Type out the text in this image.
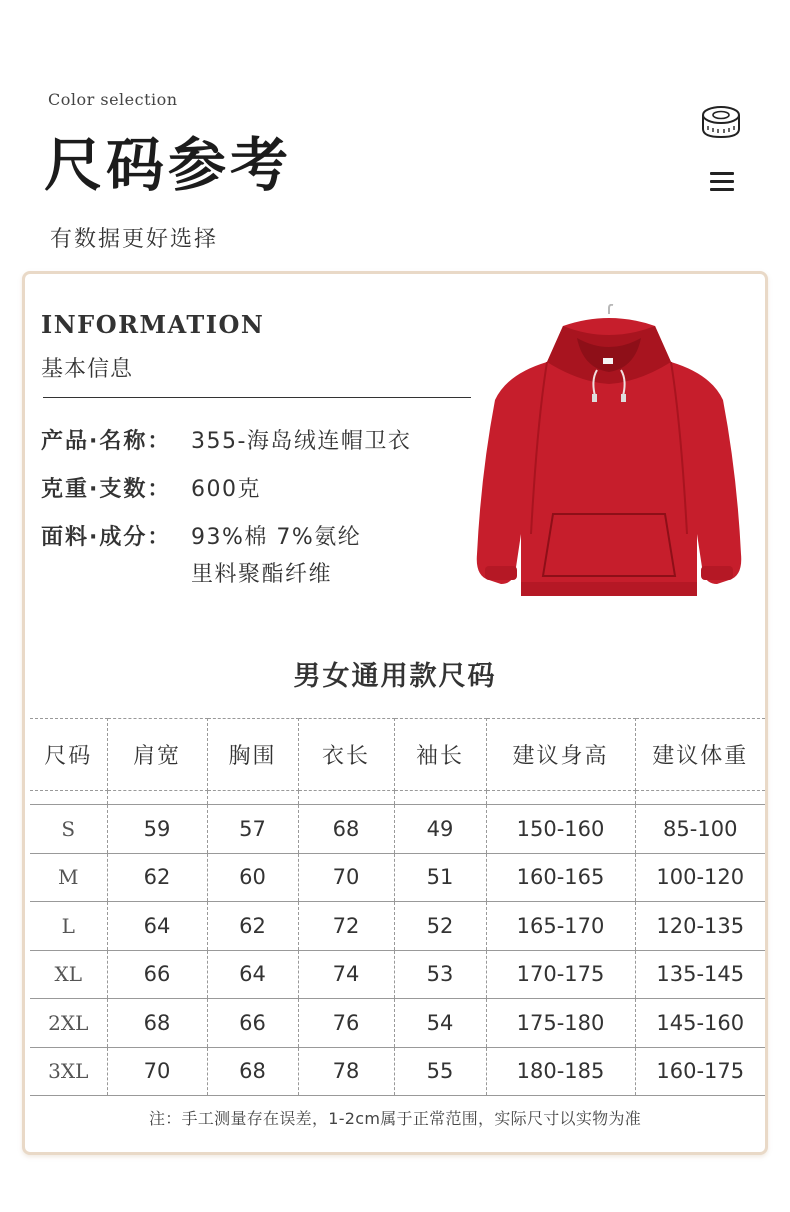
Color selection
尺码参考
有数据更好选择
INFORMATION
基本信息
产品·名称： 355-海岛绒连帽卫衣
克重·支数： 600克
面料·成分： 93%棉 7%氨纶
里料聚酯纤维
男女通用款尺码
尺码	肩宽	胸围	衣长	袖长	建议身高	建议体重

S	59	57	68	49	150-160	85-100
M	62	60	70	51	160-165	100-120
L	64	62	72	52	165-170	120-135
XL	66	64	74	53	170-175	135-145
2XL	68	66	76	54	175-180	145-160
3XL	70	68	78	55	180-185	160-175
注：手工测量存在误差，1-2cm属于正常范围，实际尺寸以实物为准
